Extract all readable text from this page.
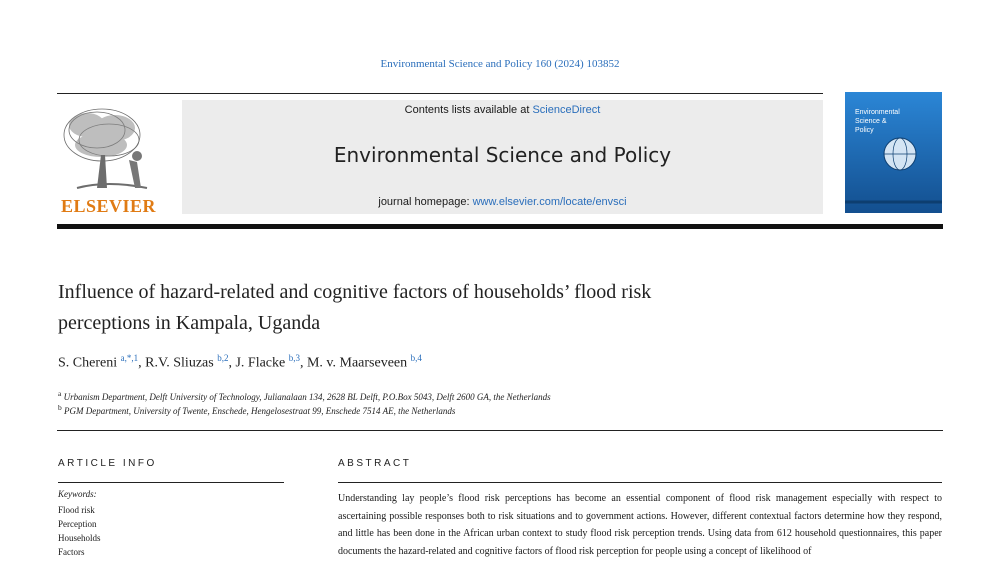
Environmental Science and Policy 160 (2024) 103852
ELSEVIER
Contents lists available at ScienceDirect
Environmental Science and Policy
journal homepage: www.elsevier.com/locate/envsci
Environmental
Science &
Policy
Influence of hazard-related and cognitive factors of households’ flood risk
perceptions in Kampala, Uganda
S. Chereni $^{a,*,1}$, R.V. Sliuzas $^{b,2}$, J. Flacke $^{b,3}$, M. v. Maarseveen $^{b,4}$
$^a$ Urbanism Department, Delft University of Technology, Julianalaan 134, 2628 BL Delft, P.O.Box 5043, Delft 2600 GA, the Netherlands
$^b$ PGM Department, University of Twente, Enschede, Hengelosestraat 99, Enschede 7514 AE, the Netherlands
ARTICLE INFO	ABSTRACT
Keywords:
Flood risk
Perception
Households
Factors

Understanding lay people’s flood risk perceptions has become an essential component of flood risk management especially with respect to ascertaining possible responses both to risk situations and to government actions. However, different contextual factors determine how they respond, and little has been done in the African urban context to study flood risk perception trends. Using data from 612 household questionnaires, this paper documents the hazard-related and cognitive factors of flood risk perception for people using a concept of likelihood of
